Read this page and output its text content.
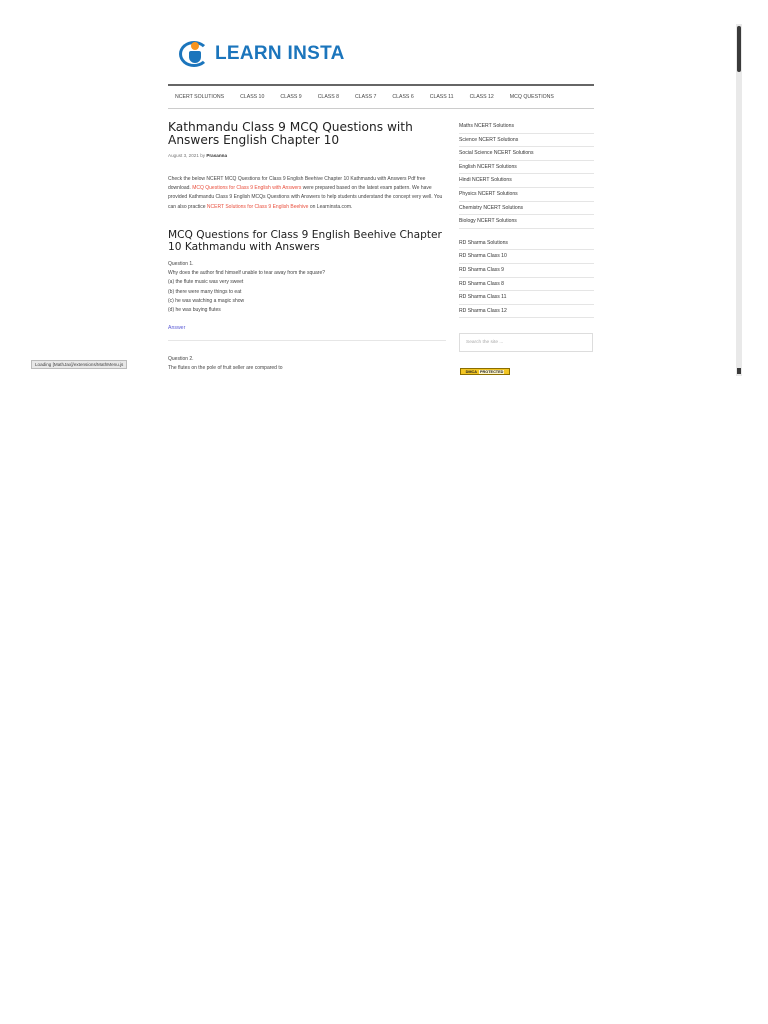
LEARN INSTA
NCERT SOLUTIONS	CLASS 10	CLASS 9	CLASS 8	CLASS 7	CLASS 6	CLASS 11	CLASS 12	MCQ QUESTIONS
Kathmandu Class 9 MCQ Questions with Answers English Chapter 10
August 3, 2021 by Prasanna

Check the below NCERT MCQ Questions for Class 9 English Beehive Chapter 10 Kathmandu with Answers Pdf free download. MCQ Questions for Class 9 English with Answers were prepared based on the latest exam pattern. We have provided Kathmandu Class 9 English MCQs Questions with Answers to help students understand the concept very well. You can also practice NCERT Solutions for Class 9 English Beehive on Learninsta.com.

MCQ Questions for Class 9 English Beehive Chapter 10 Kathmandu with Answers
Question 1.
Why does the author find himself unable to tear away from the square?
(a) the flute music was very sweet
(b) there were many things to eat
(c) he was watching a magic show
(d) he was buying flutes
Answer
Question 2.
The flutes on the pole of fruit seller are compared to
Maths NCERT Solutions
Science NCERT Solutions
Social Science NCERT Solutions
English NCERT Solutions
Hindi NCERT Solutions
Physics NCERT Solutions
Chemistry NCERT Solutions
Biology NCERT Solutions
RD Sharma Solutions
RD Sharma Class 10
RD Sharma Class 9
RD Sharma Class 8
RD Sharma Class 11
RD Sharma Class 12
Search the site ...
DMCA PROTECTED
Loading [MathJax]/extensions/MathMenu.js
